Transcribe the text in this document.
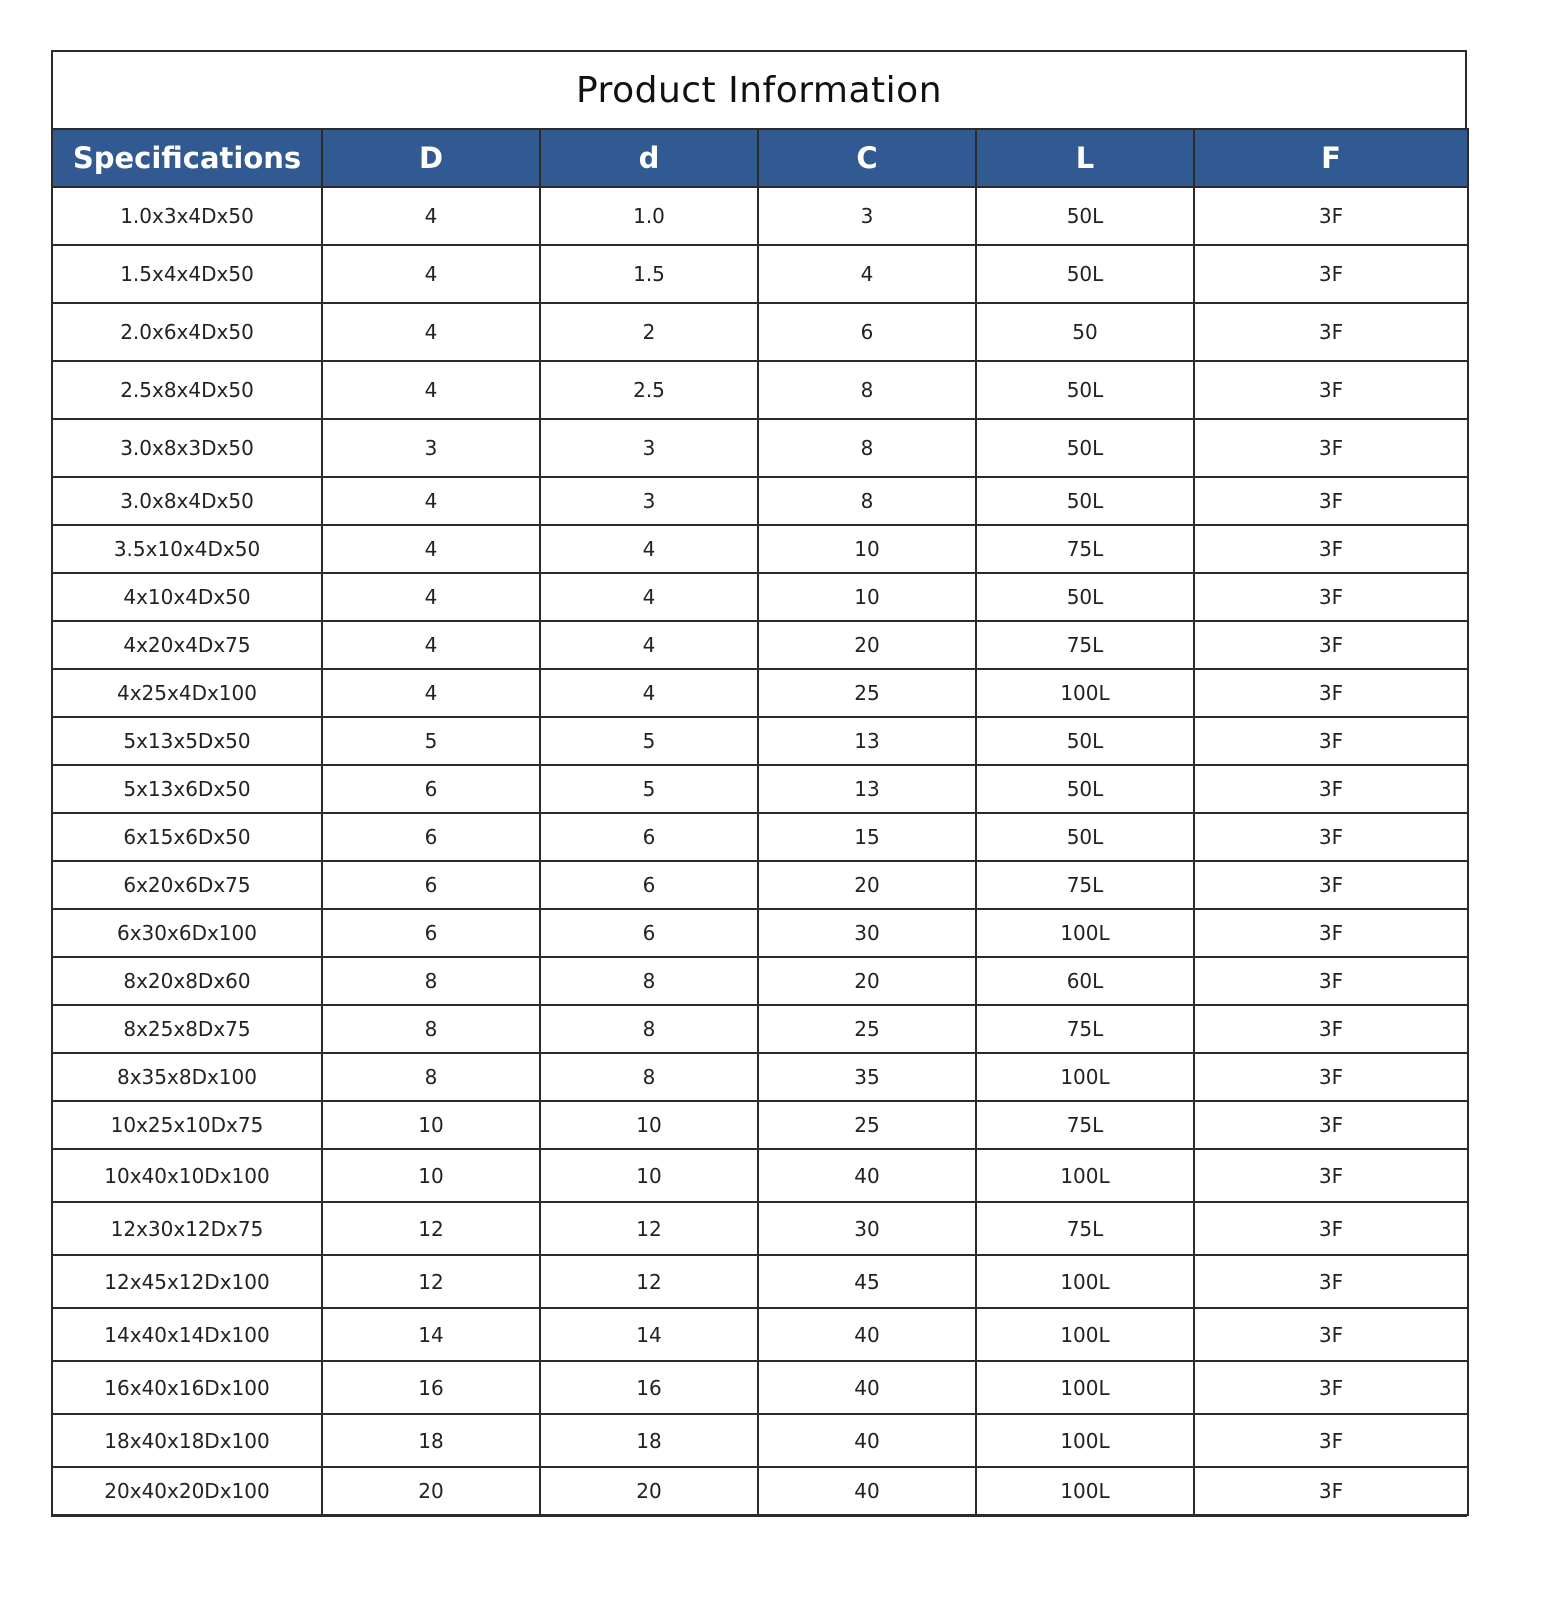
Product Information
Specifications	D	d	C	L	F
1.0x3x4Dx50	4	1.0	3	50L	3F
1.5x4x4Dx50	4	1.5	4	50L	3F
2.0x6x4Dx50	4	2	6	50	3F
2.5x8x4Dx50	4	2.5	8	50L	3F
3.0x8x3Dx50	3	3	8	50L	3F
3.0x8x4Dx50	4	3	8	50L	3F
3.5x10x4Dx50	4	4	10	75L	3F
4x10x4Dx50	4	4	10	50L	3F
4x20x4Dx75	4	4	20	75L	3F
4x25x4Dx100	4	4	25	100L	3F
5x13x5Dx50	5	5	13	50L	3F
5x13x6Dx50	6	5	13	50L	3F
6x15x6Dx50	6	6	15	50L	3F
6x20x6Dx75	6	6	20	75L	3F
6x30x6Dx100	6	6	30	100L	3F
8x20x8Dx60	8	8	20	60L	3F
8x25x8Dx75	8	8	25	75L	3F
8x35x8Dx100	8	8	35	100L	3F
10x25x10Dx75	10	10	25	75L	3F
10x40x10Dx100	10	10	40	100L	3F
12x30x12Dx75	12	12	30	75L	3F
12x45x12Dx100	12	12	45	100L	3F
14x40x14Dx100	14	14	40	100L	3F
16x40x16Dx100	16	16	40	100L	3F
18x40x18Dx100	18	18	40	100L	3F
20x40x20Dx100	20	20	40	100L	3F
